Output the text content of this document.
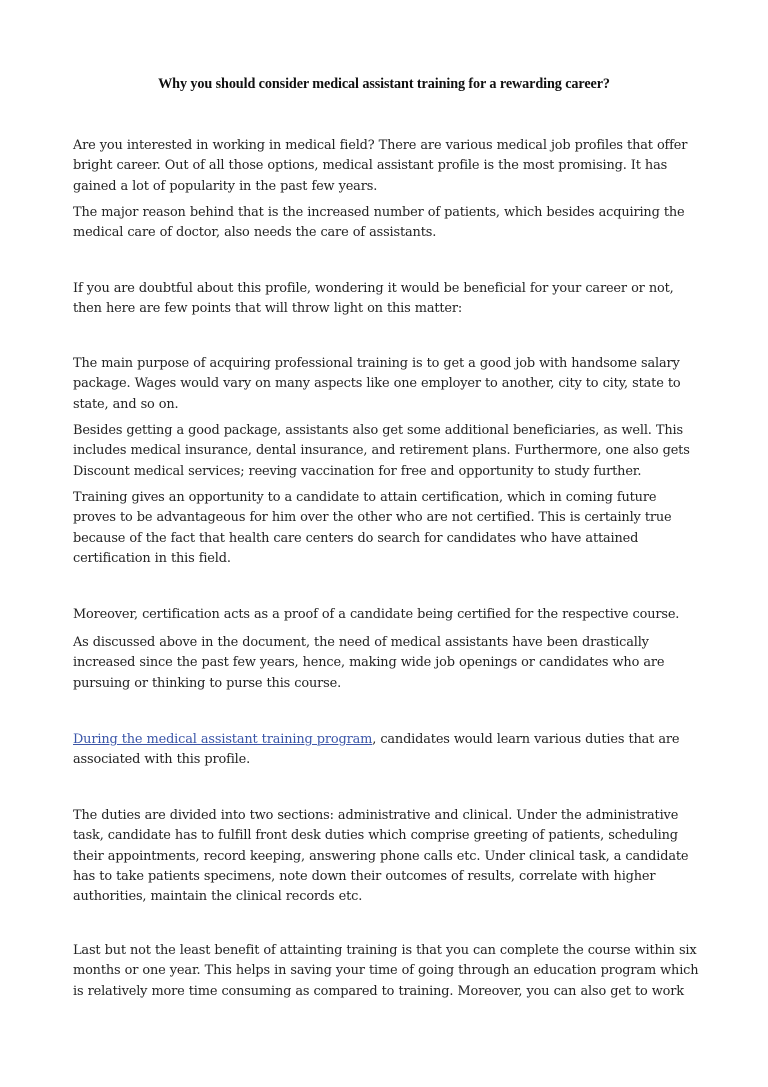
Why you should consider medical assistant training for a rewarding career?

Are you interested in working in medical field? There are various medical job profiles that offer
bright career. Out of all those options, medical assistant profile is the most promising. It has
gained a lot of popularity in the past few years.

The major reason behind that is the increased number of patients, which besides acquiring the
medical care of doctor, also needs the care of assistants.

If you are doubtful about this profile, wondering it would be beneficial for your career or not,
then here are few points that will throw light on this matter:

The main purpose of acquiring professional training is to get a good job with handsome salary
package. Wages would vary on many aspects like one employer to another, city to city, state to
state, and so on.

Besides getting a good package, assistants also get some additional beneficiaries, as well. This
includes medical insurance, dental insurance, and retirement plans. Furthermore, one also gets
Discount medical services; reeving vaccination for free and opportunity to study further.

Training gives an opportunity to a candidate to attain certification, which in coming future
proves to be advantageous for him over the other who are not certified. This is certainly true
because of the fact that health care centers do search for candidates who have attained
certification in this field.

Moreover, certification acts as a proof of a candidate being certified for the respective course.

As discussed above in the document, the need of medical assistants have been drastically
increased since the past few years, hence, making wide job openings or candidates who are
pursuing or thinking to purse this course.

During the medical assistant training program, candidates would learn various duties that are
associated with this profile.

The duties are divided into two sections: administrative and clinical. Under the administrative
task, candidate has to fulfill front desk duties which comprise greeting of patients, scheduling
their appointments, record keeping, answering phone calls etc. Under clinical task, a candidate
has to take patients specimens, note down their outcomes of results, correlate with higher
authorities, maintain the clinical records etc.

Last but not the least benefit of attainting training is that you can complete the course within six
months or one year. This helps in saving your time of going through an education program which
is relatively more time consuming as compared to training. Moreover, you can also get to work
